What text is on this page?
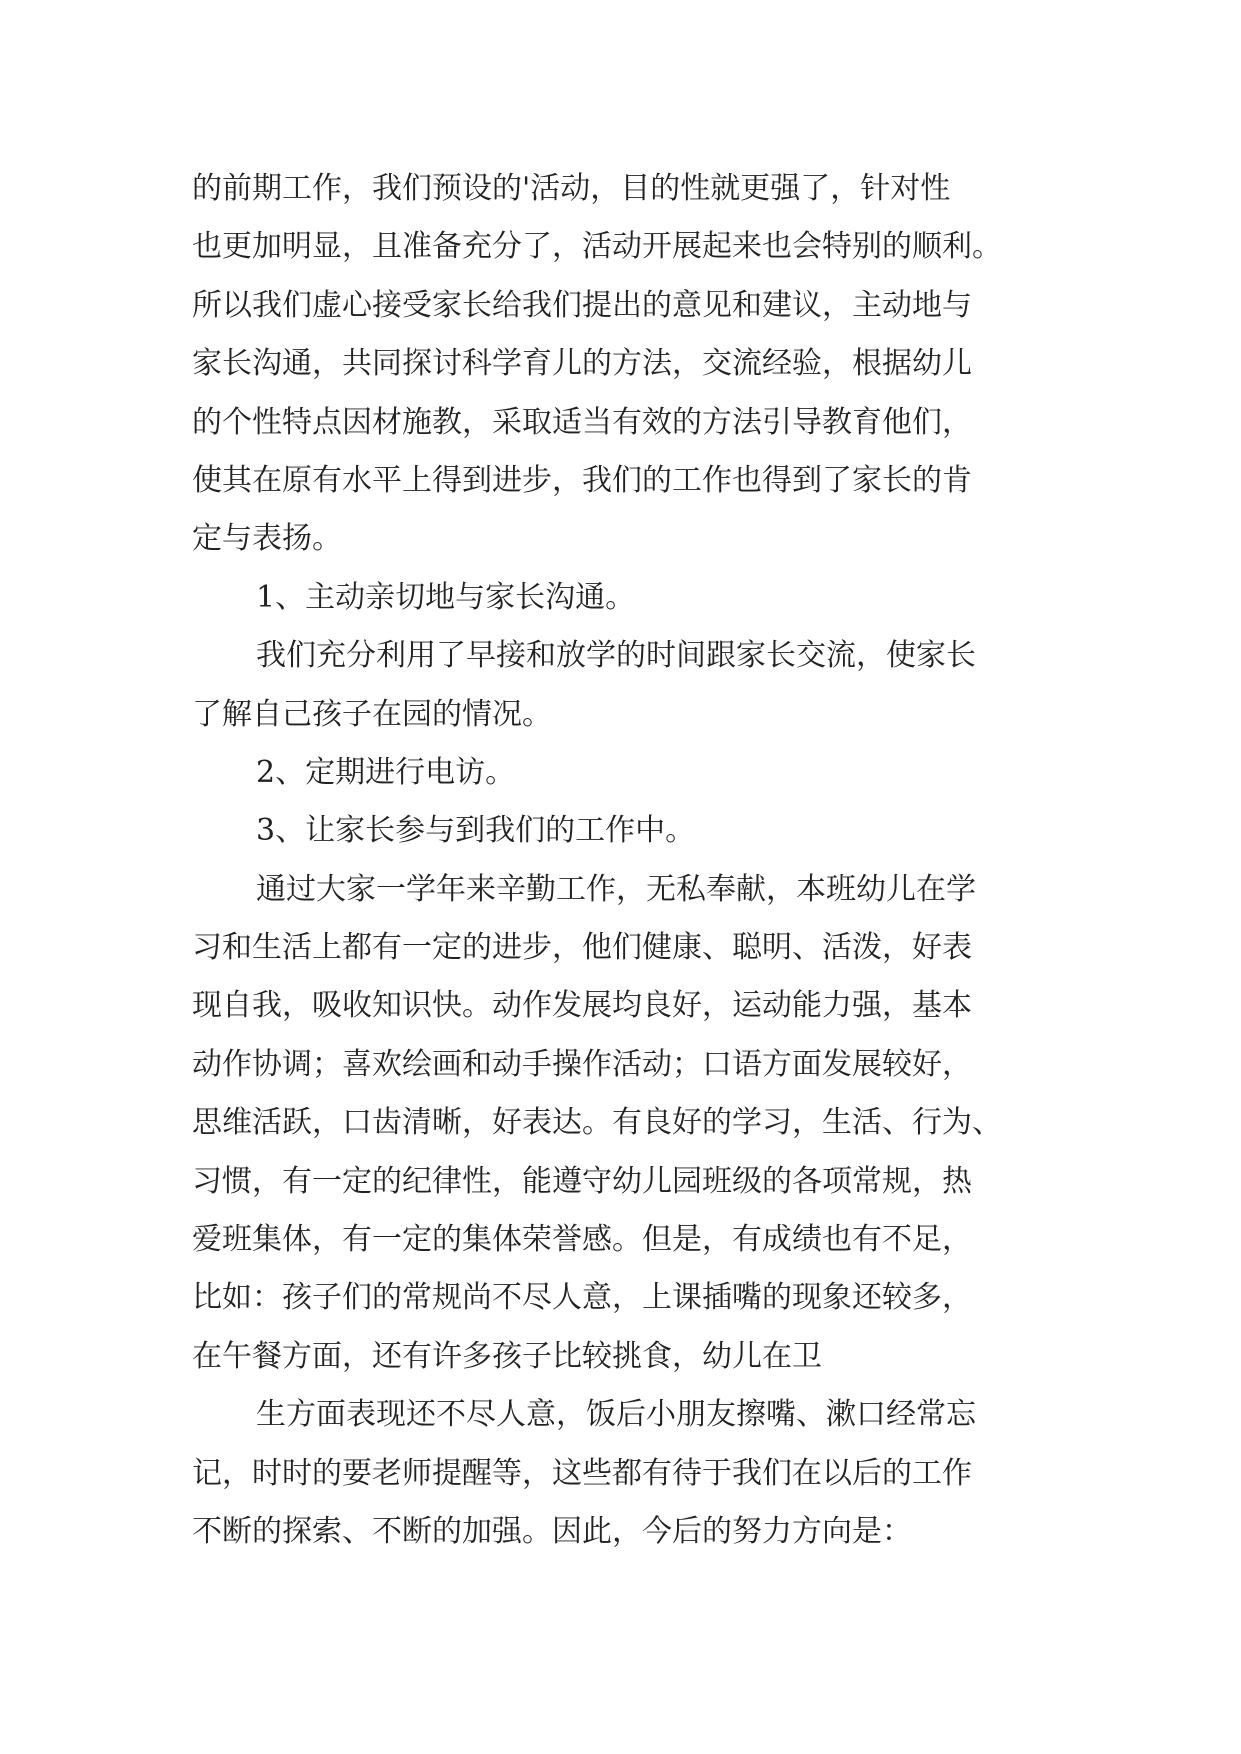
的前期工作，我们预设的'活动，目的性就更强了，针对性
也更加明显，且准备充分了，活动开展起来也会特别的顺利。
所以我们虚心接受家长给我们提出的意见和建议，主动地与
家长沟通，共同探讨科学育儿的方法，交流经验，根据幼儿
的个性特点因材施教，采取适当有效的方法引导教育他们，
使其在原有水平上得到进步，我们的工作也得到了家长的肯
定与表扬。
1、主动亲切地与家长沟通。
我们充分利用了早接和放学的时间跟家长交流，使家长
了解自己孩子在园的情况。
2、定期进行电访。
3、让家长参与到我们的工作中。
通过大家一学年来辛勤工作，无私奉献，本班幼儿在学
习和生活上都有一定的进步，他们健康、聪明、活泼，好表
现自我，吸收知识快。动作发展均良好，运动能力强，基本
动作协调；喜欢绘画和动手操作活动；口语方面发展较好，
思维活跃，口齿清晰，好表达。有良好的学习，生活、行为、
习惯，有一定的纪律性，能遵守幼儿园班级的各项常规，热
爱班集体，有一定的集体荣誉感。但是，有成绩也有不足，
比如：孩子们的常规尚不尽人意，上课插嘴的现象还较多，
在午餐方面，还有许多孩子比较挑食，幼儿在卫
生方面表现还不尽人意，饭后小朋友擦嘴、漱口经常忘
记，时时的要老师提醒等，这些都有待于我们在以后的工作
不断的探索、不断的加强。因此，今后的努力方向是：
